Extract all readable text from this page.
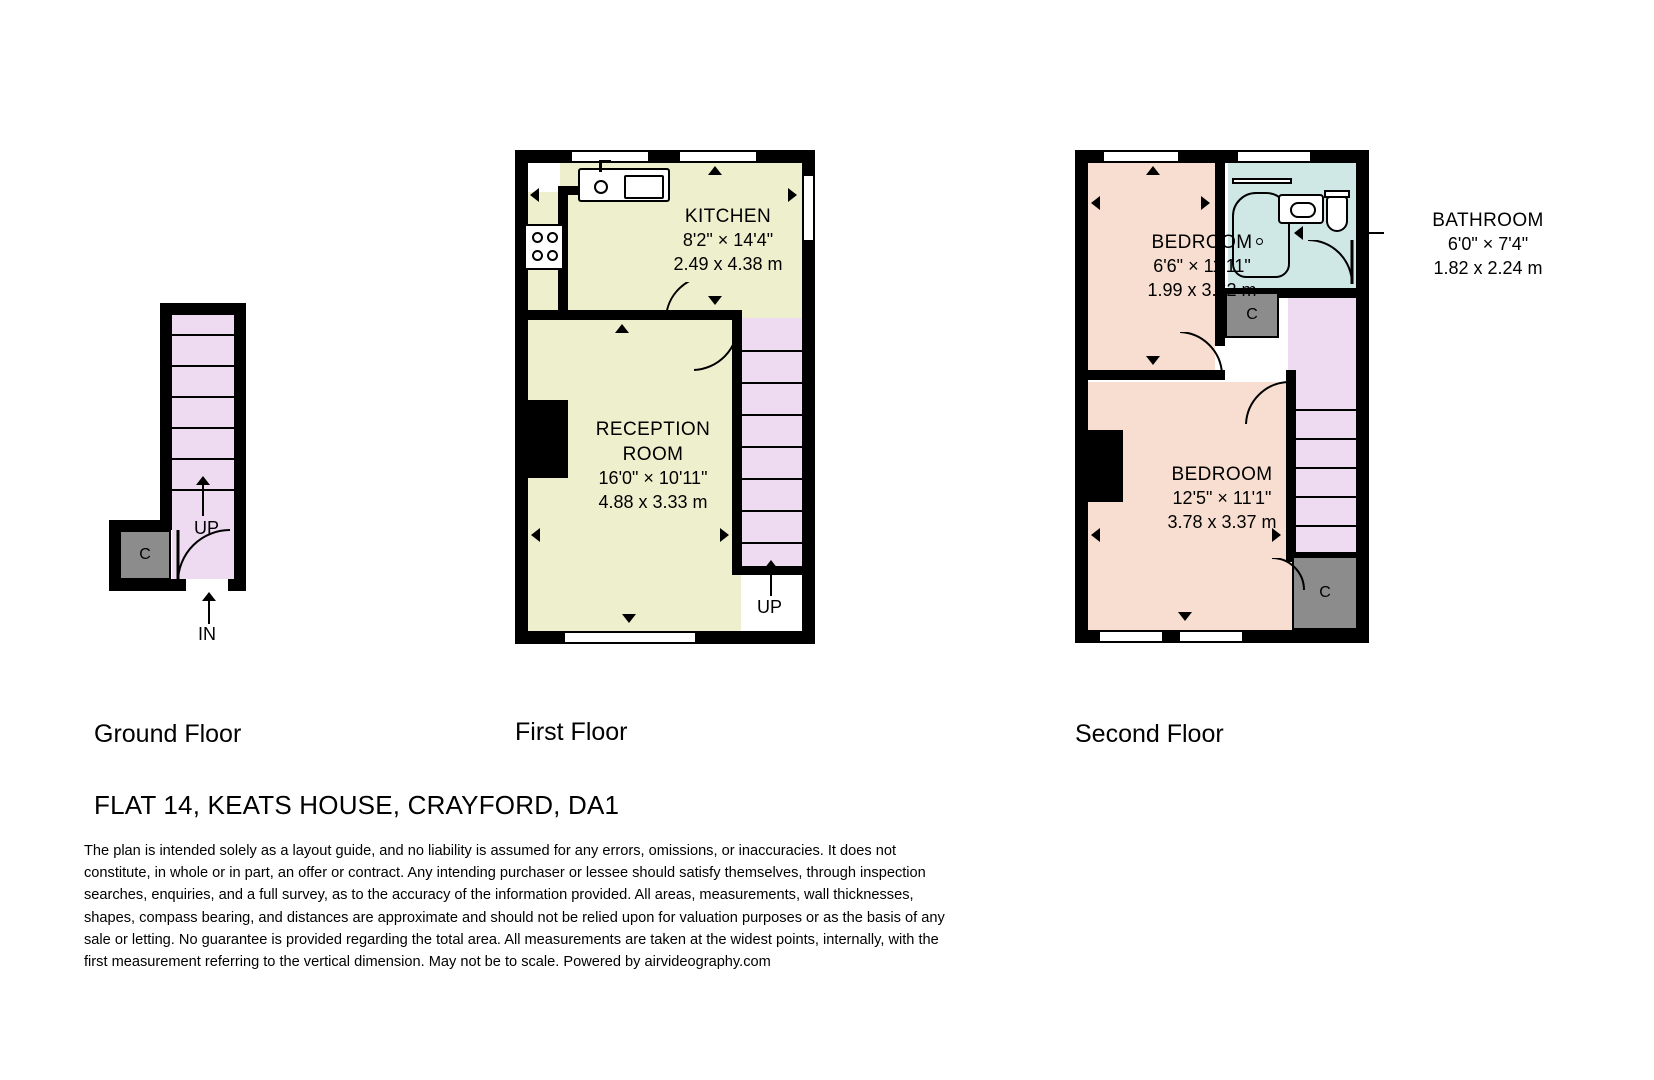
C
UP
IN
Ground Floor
KITCHEN
8'2" × 14'4"
2.49 x 4.38 m
RECEPTION
ROOM
16'0" × 10'11"
4.88 x 3.33 m
UP
First Floor
C
C
BEDROOM
6'6" × 11'11"
1.99 x 3.62 m
BATHROOM
6'0" × 7'4"
1.82 x 2.24 m
BEDROOM
12'5" × 11'1"
3.78 x 3.37 m
Second Floor
FLAT 14, KEATS HOUSE, CRAYFORD, DA1
The plan is intended solely as a layout guide, and no liability is assumed for any errors, omissions, or inaccuracies. It does not constitute, in whole or in part, an offer or contract. Any intending purchaser or lessee should satisfy themselves, through inspection searches, enquiries, and a full survey, as to the accuracy of the information provided. All areas, measurements, wall thicknesses, shapes, compass bearing, and distances are approximate and should not be relied upon for valuation purposes or as the basis of any sale or letting. No guarantee is provided regarding the total area. All measurements are taken at the widest points, internally, with the first measurement referring to the vertical dimension. May not be to scale. Powered by airvideography.com
